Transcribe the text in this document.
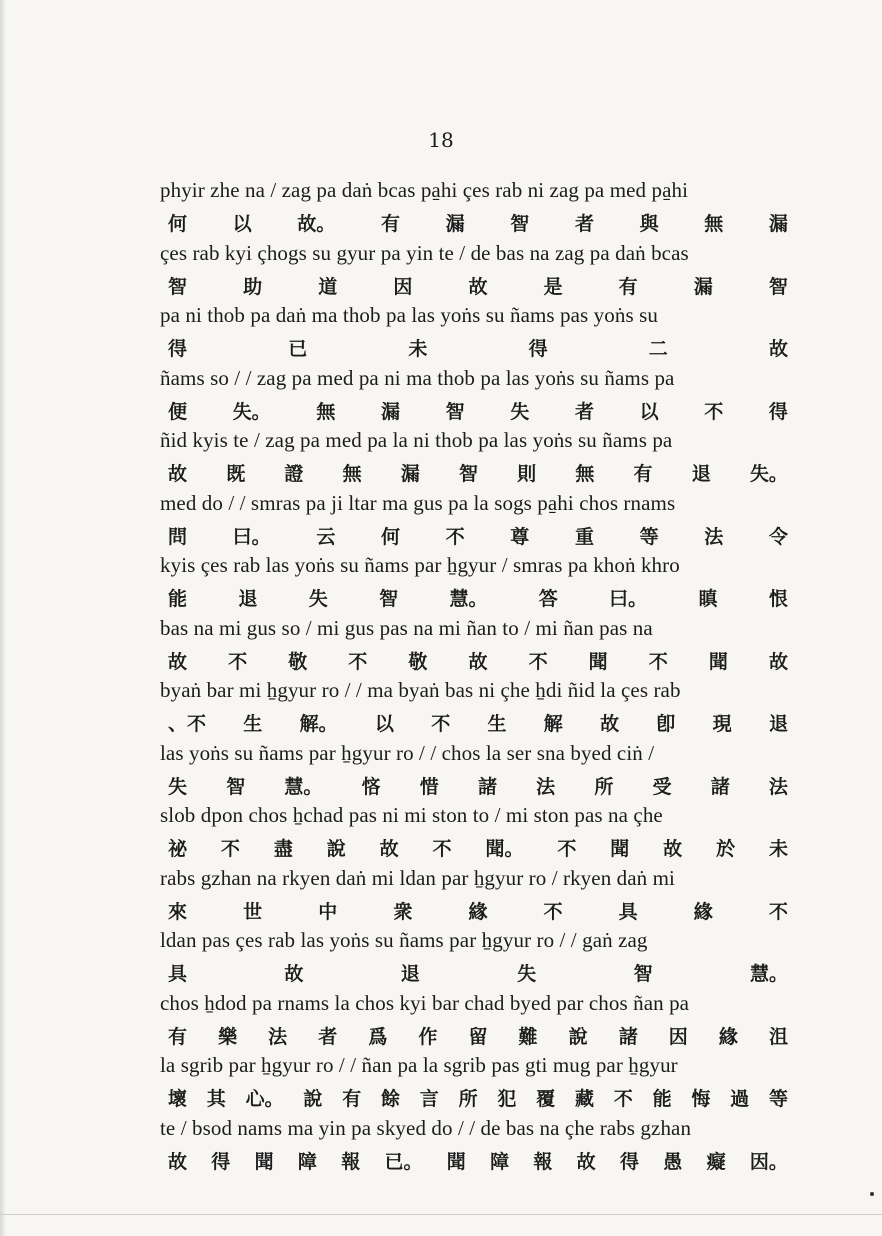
18
phyir zhe na / zag pa daṅ bcas pa̱hi çes rab ni zag pa med pa̱hi
何 以 故。 有 漏 智 者 與 無 漏
çes rab kyi çhogs su gyur pa yin te / de bas na zag pa daṅ bcas
智	助	道	因	故	是	有	漏	智
pa ni thob pa daṅ ma thob pa las yoṅs su ñams pas yoṅs su
得	已	未	得	二	故
ñams so / / zag pa med pa ni ma thob pa las yoṅs su ñams pa
便 失。 無 漏 智 失 者 以 不 得
ñid kyis te / zag pa med pa la ni thob pa las yoṅs su ñams pa
故 既 證 無 漏 智 則 無 有 退 失。
med do / / smras pa ji ltar ma gus pa la sogs pa̱hi chos rnams
問 曰。 云 何 不 尊 重 等 法 令
kyis çes rab las yoṅs su ñams par ẖgyur / smras pa khoṅ khro
能	退	失	智	慧。	答	曰。	瞋	恨
bas na mi gus so / mi gus pas na mi ñan to / mi ñan pas na
故 不 敬 不 敬 故 不 聞 不 聞 故
byaṅ bar mi ẖgyur ro / / ma byaṅ bas ni çhe ẖdi ñid la çes rab
、不 生 解。 以 不 生 解 故 卽 現 退
las yoṅs su ñams par ẖgyur ro / / chos la ser sna byed ciṅ /
失 智 慧。 悋 惜 諸 法 所 受 諸 法
slob dpon chos ẖchad pas ni mi ston to / mi ston pas na çhe
祕 不 盡 說 故 不 聞。 不 聞 故 於 未
rabs gzhan na rkyen daṅ mi ldan par ẖgyur ro / rkyen daṅ mi
來	世	中	衆	緣	不	具	緣	不
ldan pas çes rab las yoṅs su ñams par ẖgyur ro / / gaṅ zag
具	故	退	失	智	慧。
chos ẖdod pa rnams la chos kyi bar chad byed par chos ñan pa
有 樂 法 者 爲 作 留 難 說 諸 因 緣 沮
la sgrib par ẖgyur ro / / ñan pa la sgrib pas gti mug par ẖgyur
壞 其 心。 說 有 餘 言 所 犯 覆 藏 不 能 悔 過 等
te / bsod nams ma yin pa skyed do / / de bas na çhe rabs gzhan
故 得 聞 障 報 已。 聞 障 報 故 得 愚 癡 因。
